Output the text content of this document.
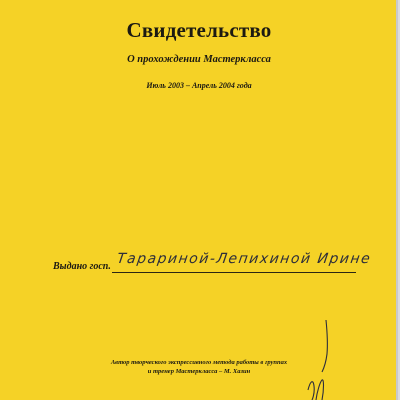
Свидетельство
О прохождении Мастеркласса
Июль 2003 – Апрель 2004 года
Выдано госп. Тарариной-Лепихиной Ирине
Автор творческого экспрессивного метода работы в группах
и тренер Мастеркласса – М. Хазин
